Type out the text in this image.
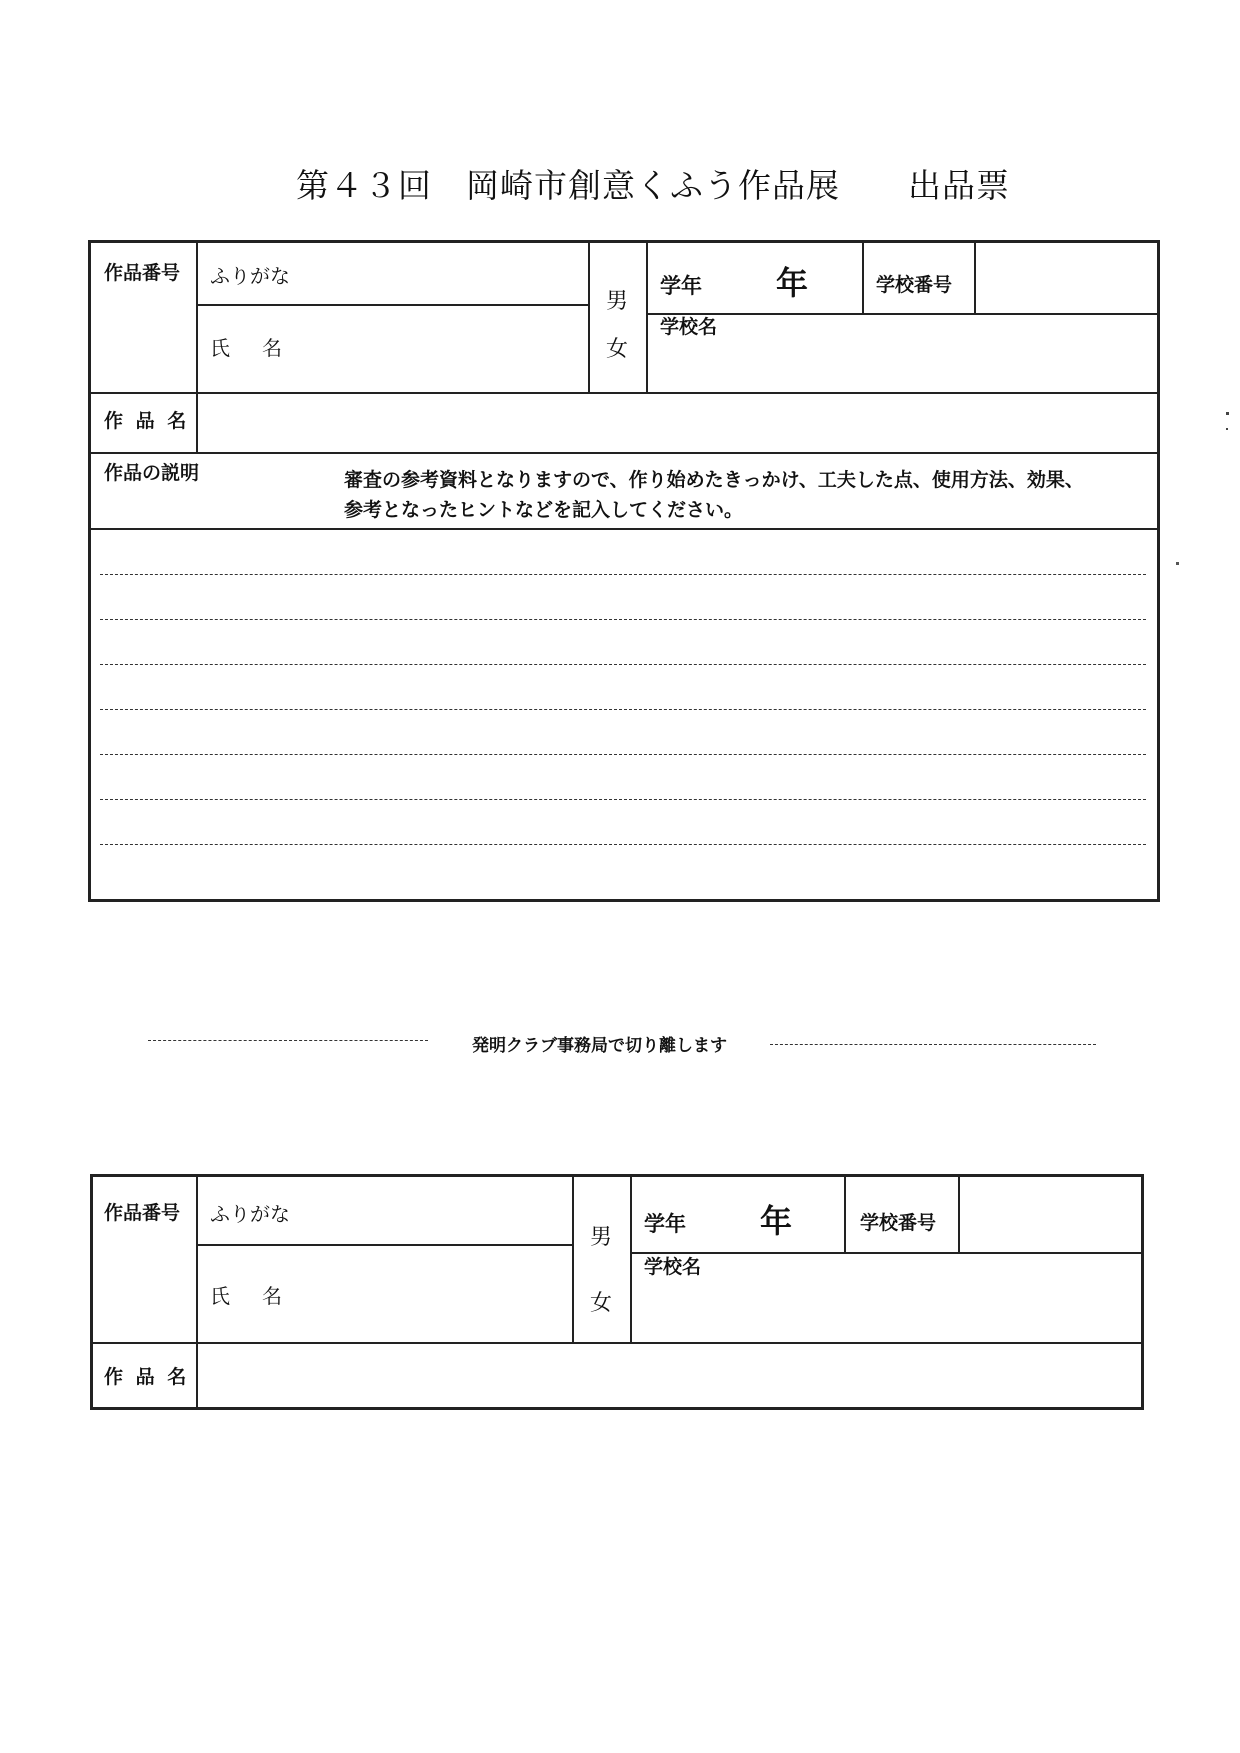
第４３回　岡崎市創意くふう作品展　　出品票
作品番号 ふりがな
氏　名
男
女
学年 年	学校番号
学校名
作 品 名
作品の説明	審査の参考資料となりますので、作り始めたきっかけ、工夫した点、使用方法、効果、
参考となったヒントなどを記入してください。
発明クラブ事務局で切り離します
作品番号 ふりがな
氏　名
男
女
学年 年	学校番号
学校名
作 品 名
